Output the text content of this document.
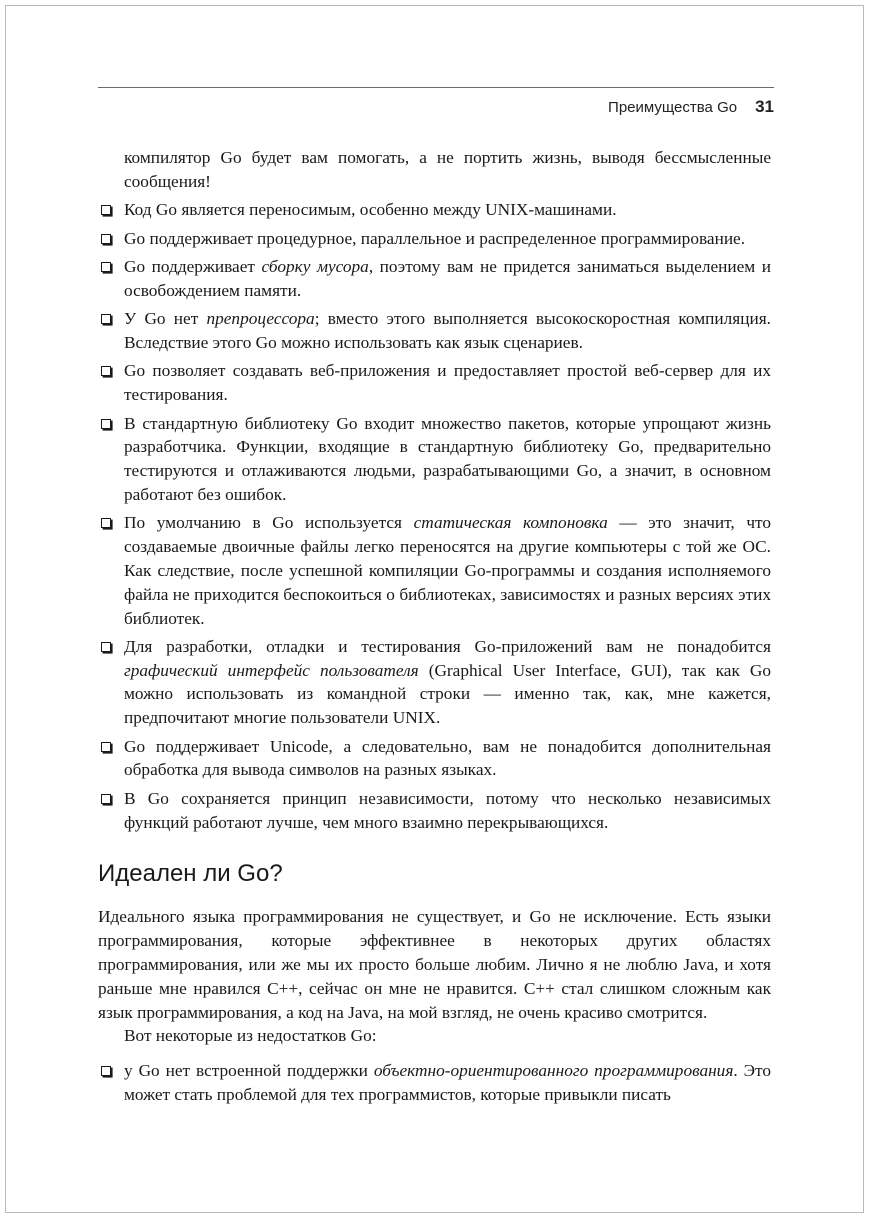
Преимущества Go 31
компилятор Go будет вам помогать, а не портить жизнь, выводя бессмысленные сообщения!
Код Go является переносимым, особенно между UNIX-машинами.
Go поддерживает процедурное, параллельное и распределенное программирование.
Go поддерживает сборку мусора, поэтому вам не придется заниматься выделением и освобождением памяти.
У Go нет препроцессора; вместо этого выполняется высокоскоростная компиляция. Вследствие этого Go можно использовать как язык сценариев.
Go позволяет создавать веб-приложения и предоставляет простой веб-сервер для их тестирования.
В стандартную библиотеку Go входит множество пакетов, которые упрощают жизнь разработчика. Функции, входящие в стандартную библиотеку Go, предварительно тестируются и отлаживаются людьми, разрабатывающими Go, а значит, в основном работают без ошибок.
По умолчанию в Go используется статическая компоновка — это значит, что создаваемые двоичные файлы легко переносятся на другие компьютеры с той же ОС. Как следствие, после успешной компиляции Go-программы и создания исполняемого файла не приходится беспокоиться о библиотеках, зависимостях и разных версиях этих библиотек.
Для разработки, отладки и тестирования Go-приложений вам не понадобится графический интерфейс пользователя (Graphical User Interface, GUI), так как Go можно использовать из командной строки — именно так, как, мне кажется, предпочитают многие пользователи UNIX.
Go поддерживает Unicode, а следовательно, вам не понадобится дополнительная обработка для вывода символов на разных языках.
В Go сохраняется принцип независимости, потому что несколько независимых функций работают лучше, чем много взаимно перекрывающихся.
Идеален ли Go?
Идеального языка программирования не существует, и Go не исключение. Есть языки программирования, которые эффективнее в некоторых других областях программирования, или же мы их просто больше любим. Лично я не люблю Java, и хотя раньше мне нравился C++, сейчас он мне не нравится. C++ стал слишком сложным как язык программирования, а код на Java, на мой взгляд, не очень красиво смотрится.
Вот некоторые из недостатков Go:
у Go нет встроенной поддержки объектно-ориентированного программирования. Это может стать проблемой для тех программистов, которые привыкли писать
